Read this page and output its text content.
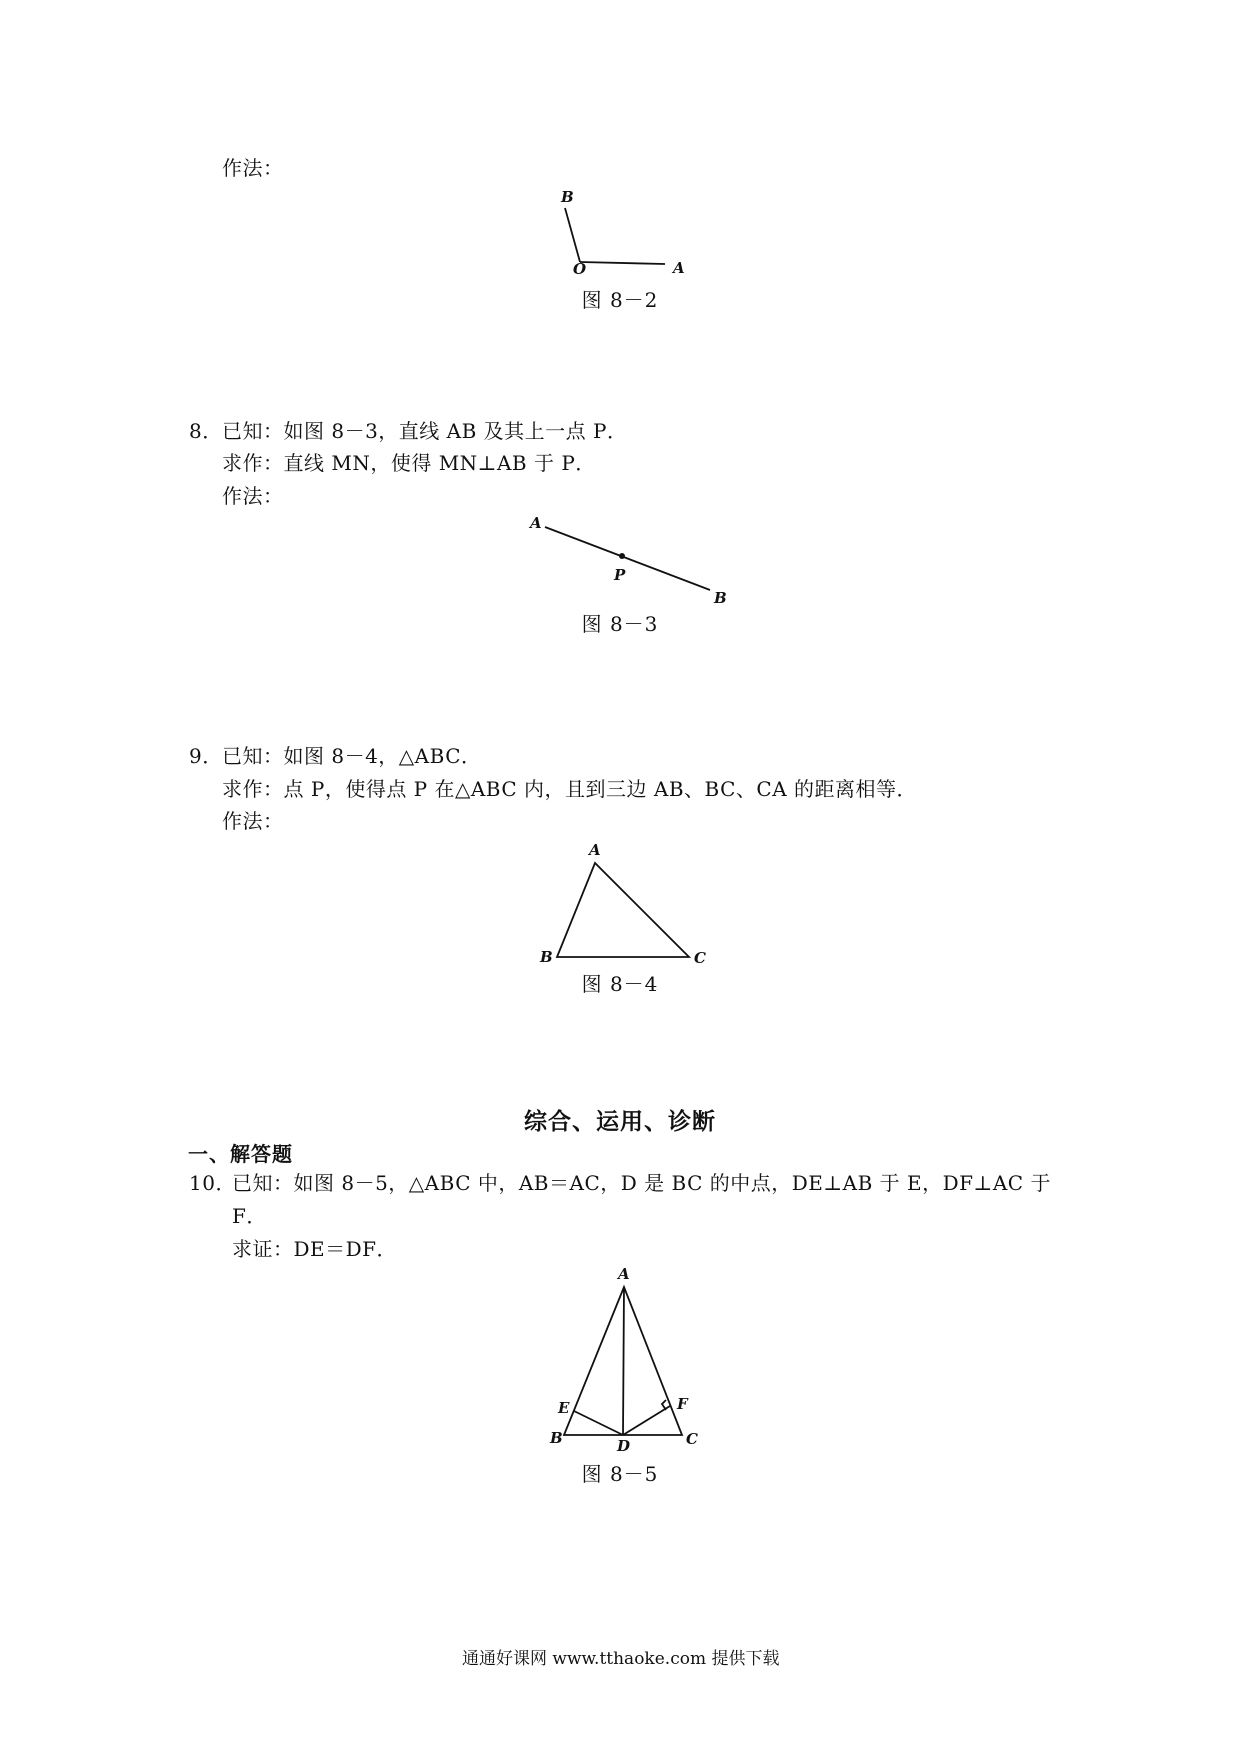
作法：
B
O	A
图 8－2
8． 已知：如图 8－3，直线 AB 及其上一点 P．
求作：直线 MN，使得 MN⊥AB 于 P．
作法：
A
P
B
图 8－3
9． 已知：如图 8－4，△ABC．
求作：点 P，使得点 P 在△ABC 内，且到三边 AB、BC、CA 的距离相等．
作法：
A
B	C
图 8－4
综合、运用、诊断
一、解答题
10．
已知：如图 8－5，△ABC 中，AB＝AC，D 是 BC 的中点，DE⊥AB 于 E，DF⊥AC 于
F．
求证：DE＝DF．
A
E	F
B	D	C
图 8－5
通通好课网 www.tthaoke.com 提供下载
